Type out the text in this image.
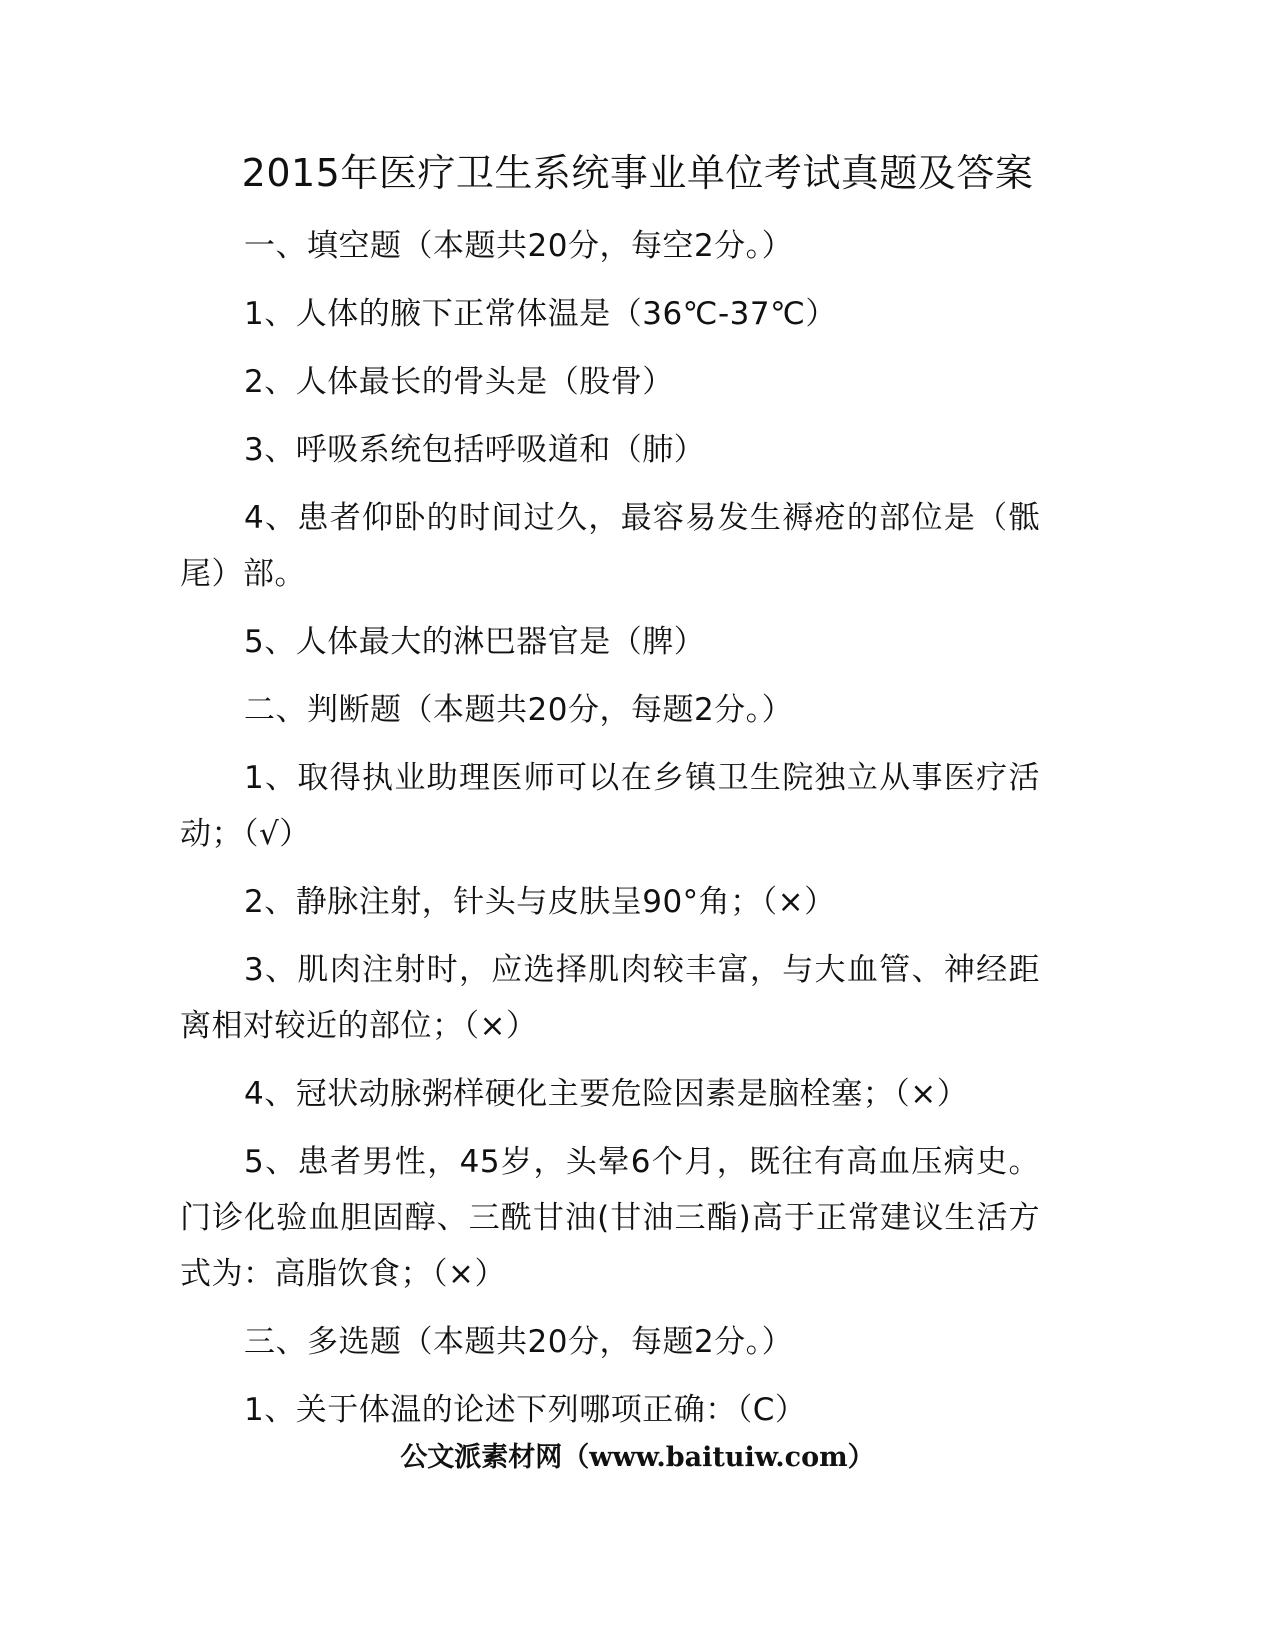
2015年医疗卫生系统事业单位考试真题及答案

一、填空题（本题共20分，每空2分。）

1、人体的腋下正常体温是（36℃-37℃）

2、人体最长的骨头是（股骨）

3、呼吸系统包括呼吸道和（肺）

4、患者仰卧的时间过久，最容易发生褥疮的部位是（骶尾）部。

5、人体最大的淋巴器官是（脾）

二、判断题（本题共20分，每题2分。）

1、取得执业助理医师可以在乡镇卫生院独立从事医疗活动；（√）

2、静脉注射，针头与皮肤呈90°角；（×）

3、肌肉注射时，应选择肌肉较丰富，与大血管、神经距离相对较近的部位；（×）

4、冠状动脉粥样硬化主要危险因素是脑栓塞；（×）

5、患者男性，45岁，头晕6个月，既往有高血压病史。门诊化验血胆固醇、三酰甘油(甘油三酯)高于正常建议生活方式为：高脂饮食；（×）

三、多选题（本题共20分，每题2分。）

1、关于体温的论述下列哪项正确：（C）

公文派素材网（www.baituiw.com）
